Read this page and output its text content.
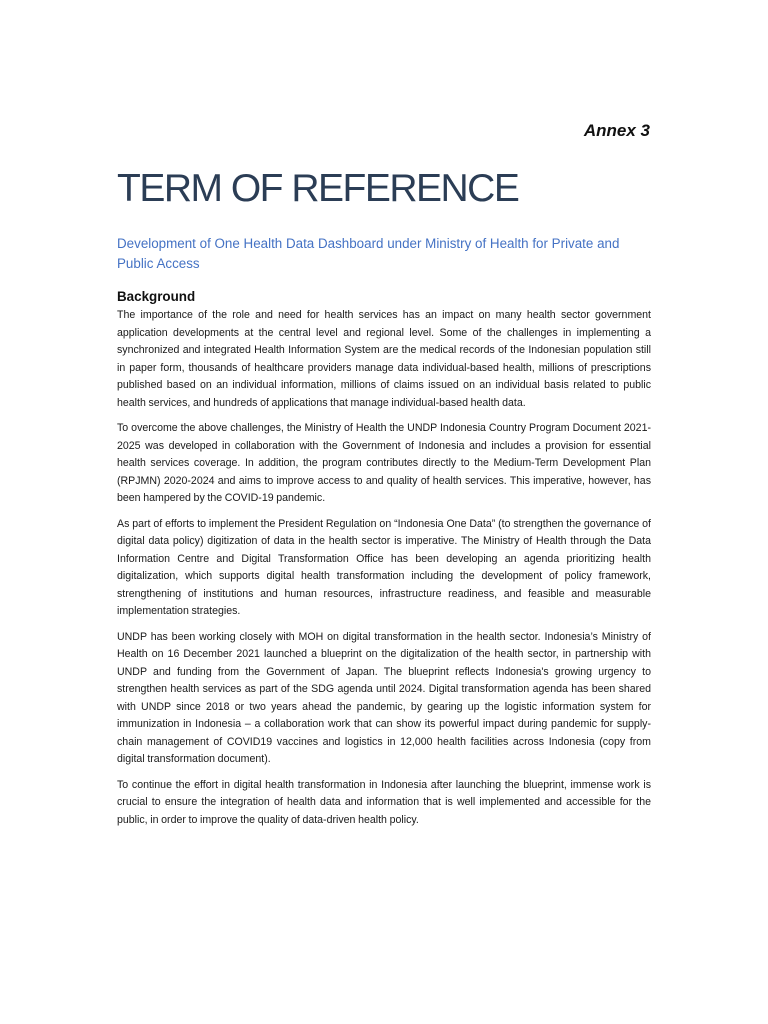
Annex 3
TERM OF REFERENCE

Development of One Health Data Dashboard under Ministry of Health for Private and Public Access

Background

The importance of the role and need for health services has an impact on many health sector government application developments at the central level and regional level. Some of the challenges in implementing a synchronized and integrated Health Information System are the medical records of the Indonesian population still in paper form, thousands of healthcare providers manage data individual-based health, millions of prescriptions published based on an individual information, millions of claims issued on an individual basis related to public health services, and hundreds of applications that manage individual-based health data.

To overcome the above challenges, the Ministry of Health the UNDP Indonesia Country Program Document 2021-2025 was developed in collaboration with the Government of Indonesia and includes a provision for essential health services coverage. In addition, the program contributes directly to the Medium-Term Development Plan (RPJMN) 2020-2024 and aims to improve access to and quality of health services. This imperative, however, has been hampered by the COVID-19 pandemic.

As part of efforts to implement the President Regulation on “Indonesia One Data” (to strengthen the governance of digital data policy) digitization of data in the health sector is imperative. The Ministry of Health through the Data Information Centre and Digital Transformation Office has been developing an agenda prioritizing health digitalization, which supports digital health transformation including the development of policy framework, strengthening of institutions and human resources, infrastructure readiness, and feasible and measurable implementation strategies.

UNDP has been working closely with MOH on digital transformation in the health sector. Indonesia’s Ministry of Health on 16 December 2021 launched a blueprint on the digitalization of the health sector, in partnership with UNDP and funding from the Government of Japan. The blueprint reflects Indonesia's growing urgency to strengthen health services as part of the SDG agenda until 2024. Digital transformation agenda has been shared with UNDP since 2018 or two years ahead the pandemic, by gearing up the logistic information system for immunization in Indonesia – a collaboration work that can show its powerful impact during pandemic for supply-chain management of COVID19 vaccines and logistics in 12,000 health facilities across Indonesia (copy from digital transformation document).

To continue the effort in digital health transformation in Indonesia after launching the blueprint, immense work is crucial to ensure the integration of health data and information that is well implemented and accessible for the public, in order to improve the quality of data-driven health policy.
